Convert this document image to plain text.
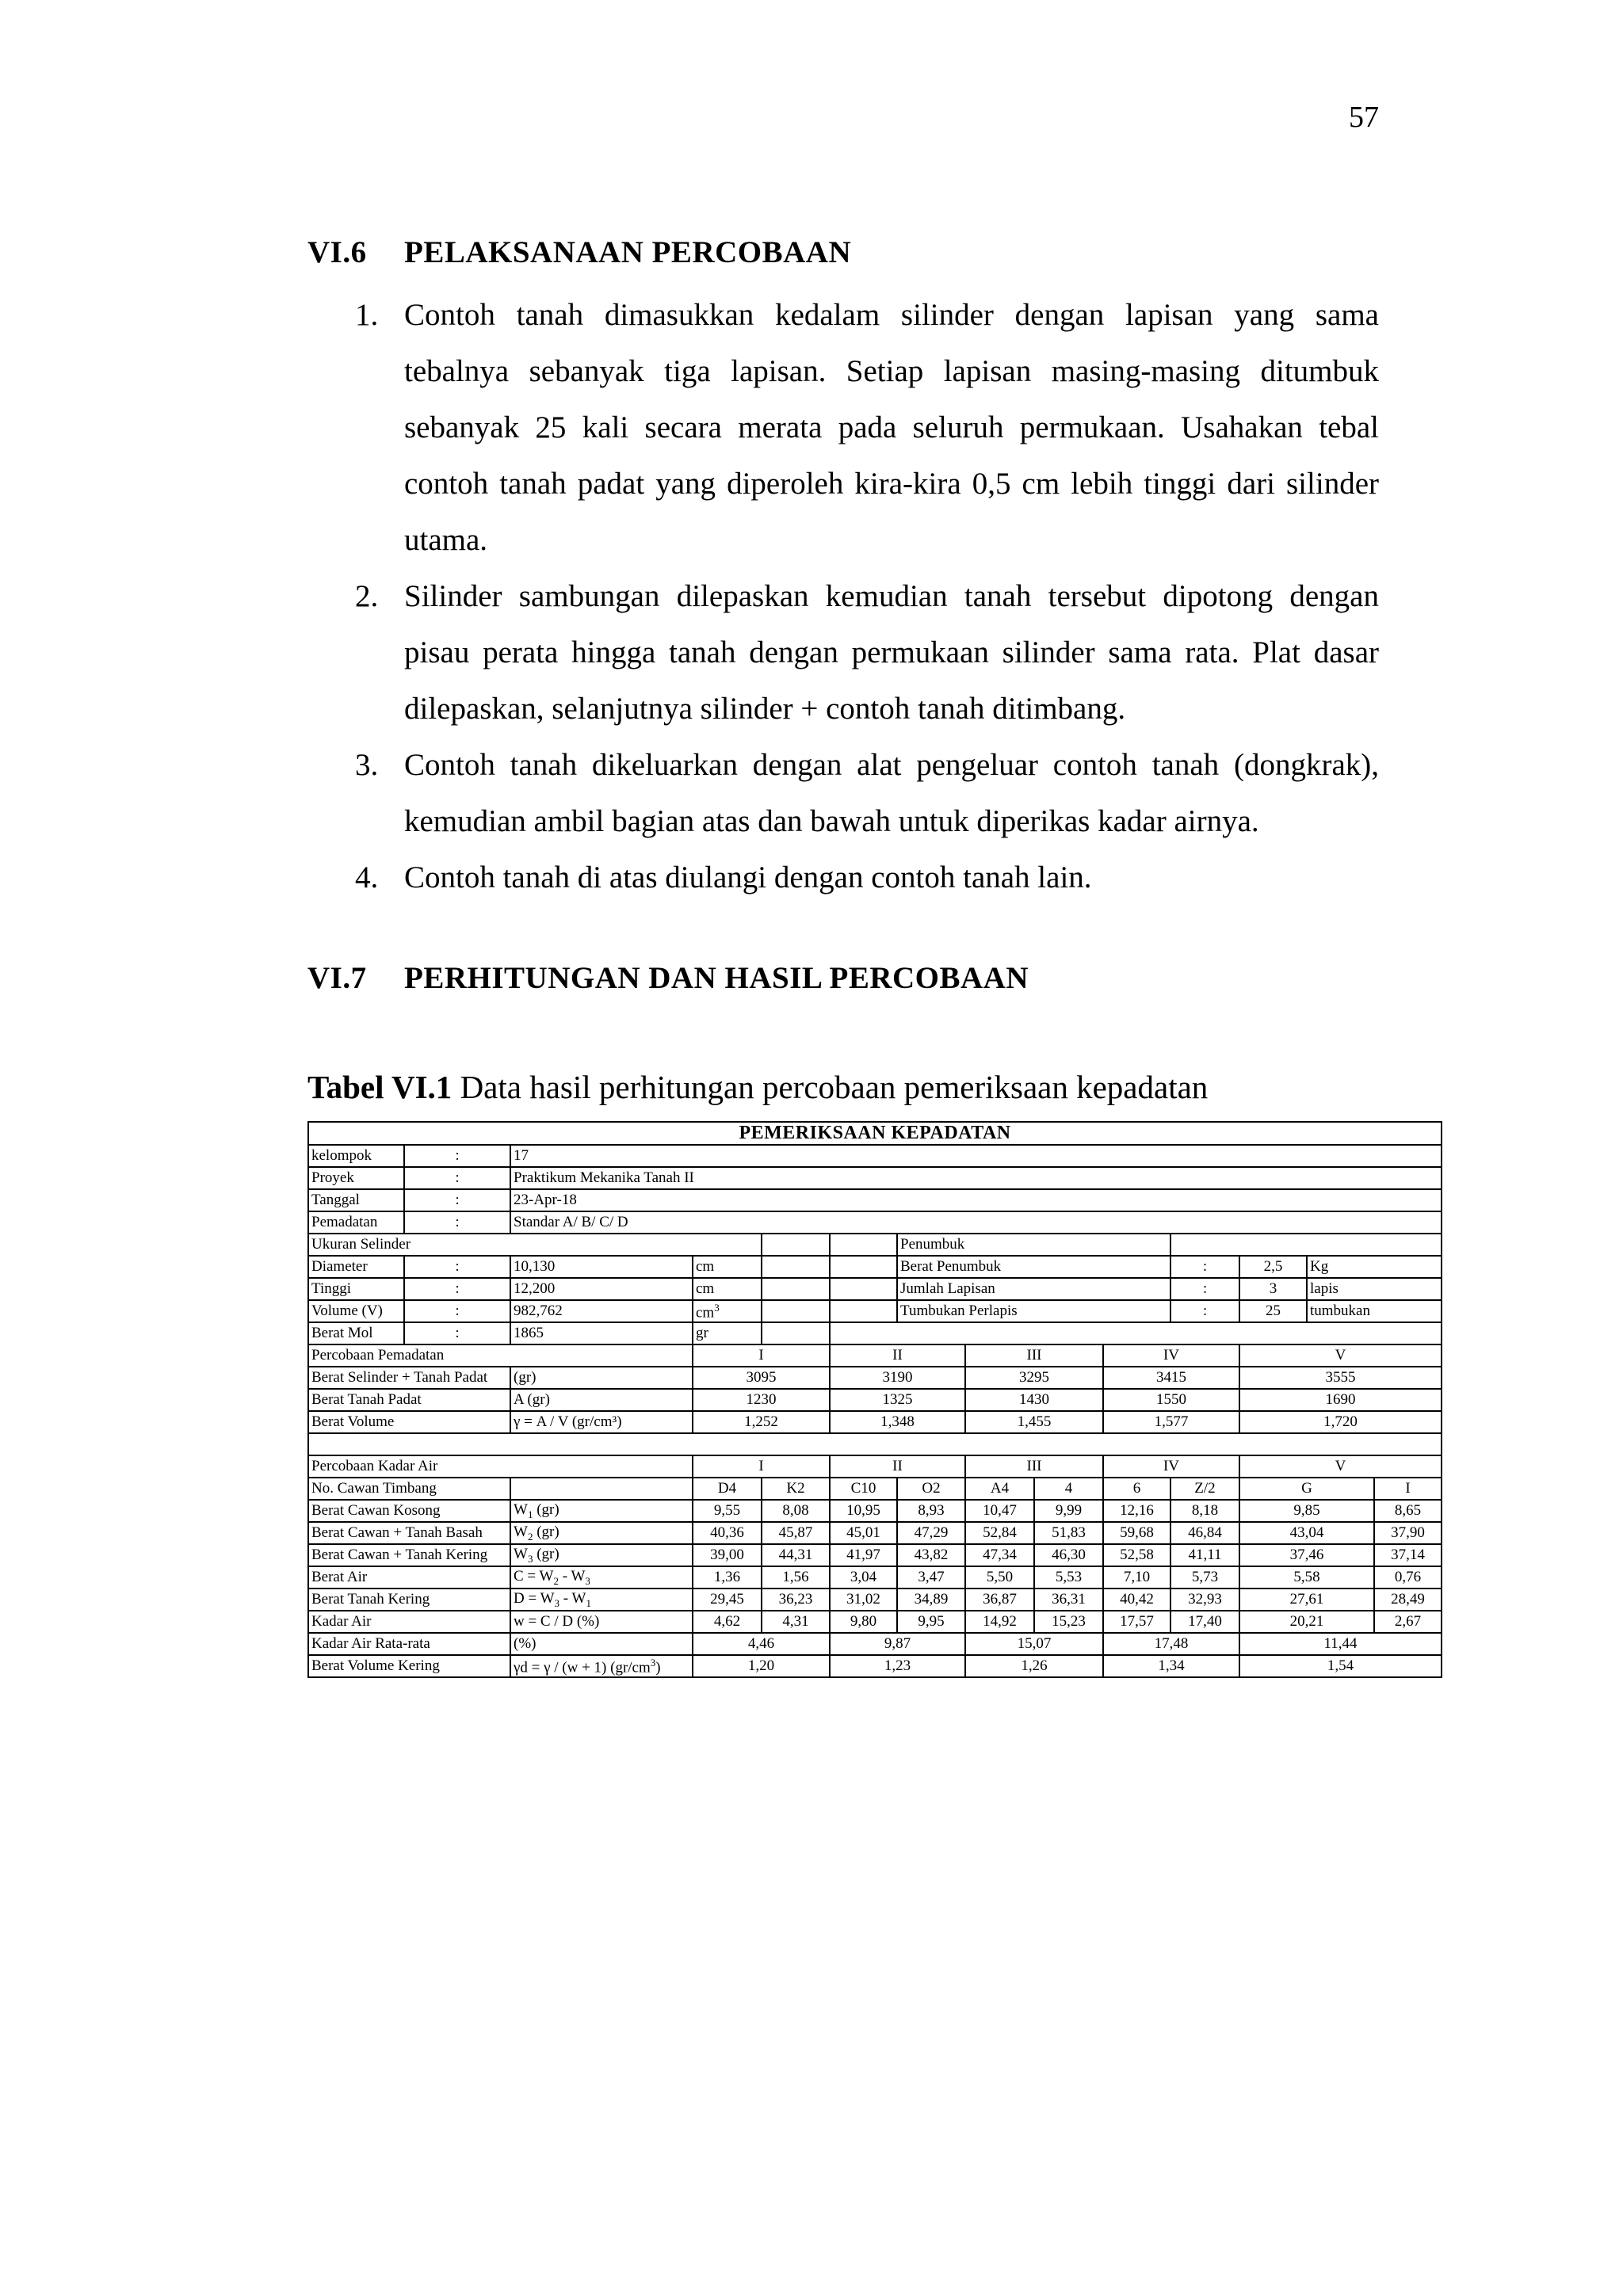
57
VI.6 PELAKSANAAN PERCOBAAN
1. Contoh tanah dimasukkan kedalam silinder dengan lapisan yang sama tebalnya sebanyak tiga lapisan. Setiap lapisan masing-masing ditumbuk sebanyak 25 kali secara merata pada seluruh permukaan. Usahakan tebal contoh tanah padat yang diperoleh kira-kira 0,5 cm lebih tinggi dari silinder utama.
2. Silinder sambungan dilepaskan kemudian tanah tersebut dipotong dengan pisau perata hingga tanah dengan permukaan silinder sama rata. Plat dasar dilepaskan, selanjutnya silinder + contoh tanah ditimbang.
3. Contoh tanah dikeluarkan dengan alat pengeluar contoh tanah (dongkrak), kemudian ambil bagian atas dan bawah untuk diperikas kadar airnya.
4. Contoh tanah di atas diulangi dengan contoh tanah lain.
VI.7 PERHITUNGAN DAN HASIL PERCOBAAN
Tabel VI.1 Data hasil perhitungan percobaan pemeriksaan kepadatan
PEMERIKSAAN KEPADATAN													
kelompok	:	17											
Proyek	:	Praktikum Mekanika Tanah II											
Tanggal	:	23-Apr-18											
Pemadatan	:	Standar A/ B/ C/ D											
Ukuran Selinder						Penumbuk							
Diameter	:	10,130	cm			Berat Penumbuk				:	2,5	Kg	
Tinggi	:	12,200	cm			Jumlah Lapisan				:	3	lapis	
Volume (V)	:	982,762	$cm^3$			Tumbukan Perlapis				:	25	tumbukan	
Berat Mol	:	1865	gr										
Percobaan Pemadatan			I		II		III		IV		V		
Berat Selinder + Tanah Padat		(gr)	3095		3190		3295		3415		3555		
Berat Tanah Padat		A (gr)	1230		1325		1430		1550		1690		
Berat Volume		γ = A / V (gr/cm³)	1,252		1,348		1,455		1,577		1,720		

Percobaan Kadar Air			I		II		III		IV		V		
No. Cawan Timbang			D4	K2	C10	O2	A4	4	6	Z/2	G		I
Berat Cawan Kosong		$W_1$ (gr)	9,55	8,08	10,95	8,93	10,47	9,99	12,16	8,18	9,85		8,65
Berat Cawan + Tanah Basah		$W_2$ (gr)	40,36	45,87	45,01	47,29	52,84	51,83	59,68	46,84	43,04		37,90
Berat Cawan + Tanah Kering		$W_3$ (gr)	39,00	44,31	41,97	43,82	47,34	46,30	52,58	41,11	37,46		37,14
Berat Air		$C = W_2 - W_3$	1,36	1,56	3,04	3,47	5,50	5,53	7,10	5,73	5,58		0,76
Berat Tanah Kering		$D = W_3 - W_1$	29,45	36,23	31,02	34,89	36,87	36,31	40,42	32,93	27,61		28,49
Kadar Air		w = C / D (%)	4,62	4,31	9,80	9,95	14,92	15,23	17,57	17,40	20,21		2,67
Kadar Air Rata-rata		(%)	4,46		9,87		15,07		17,48		11,44		
Berat Volume Kering		γd = γ / (w + 1) $(gr/cm^3)$	1,20		1,23		1,26		1,34		1,54		
